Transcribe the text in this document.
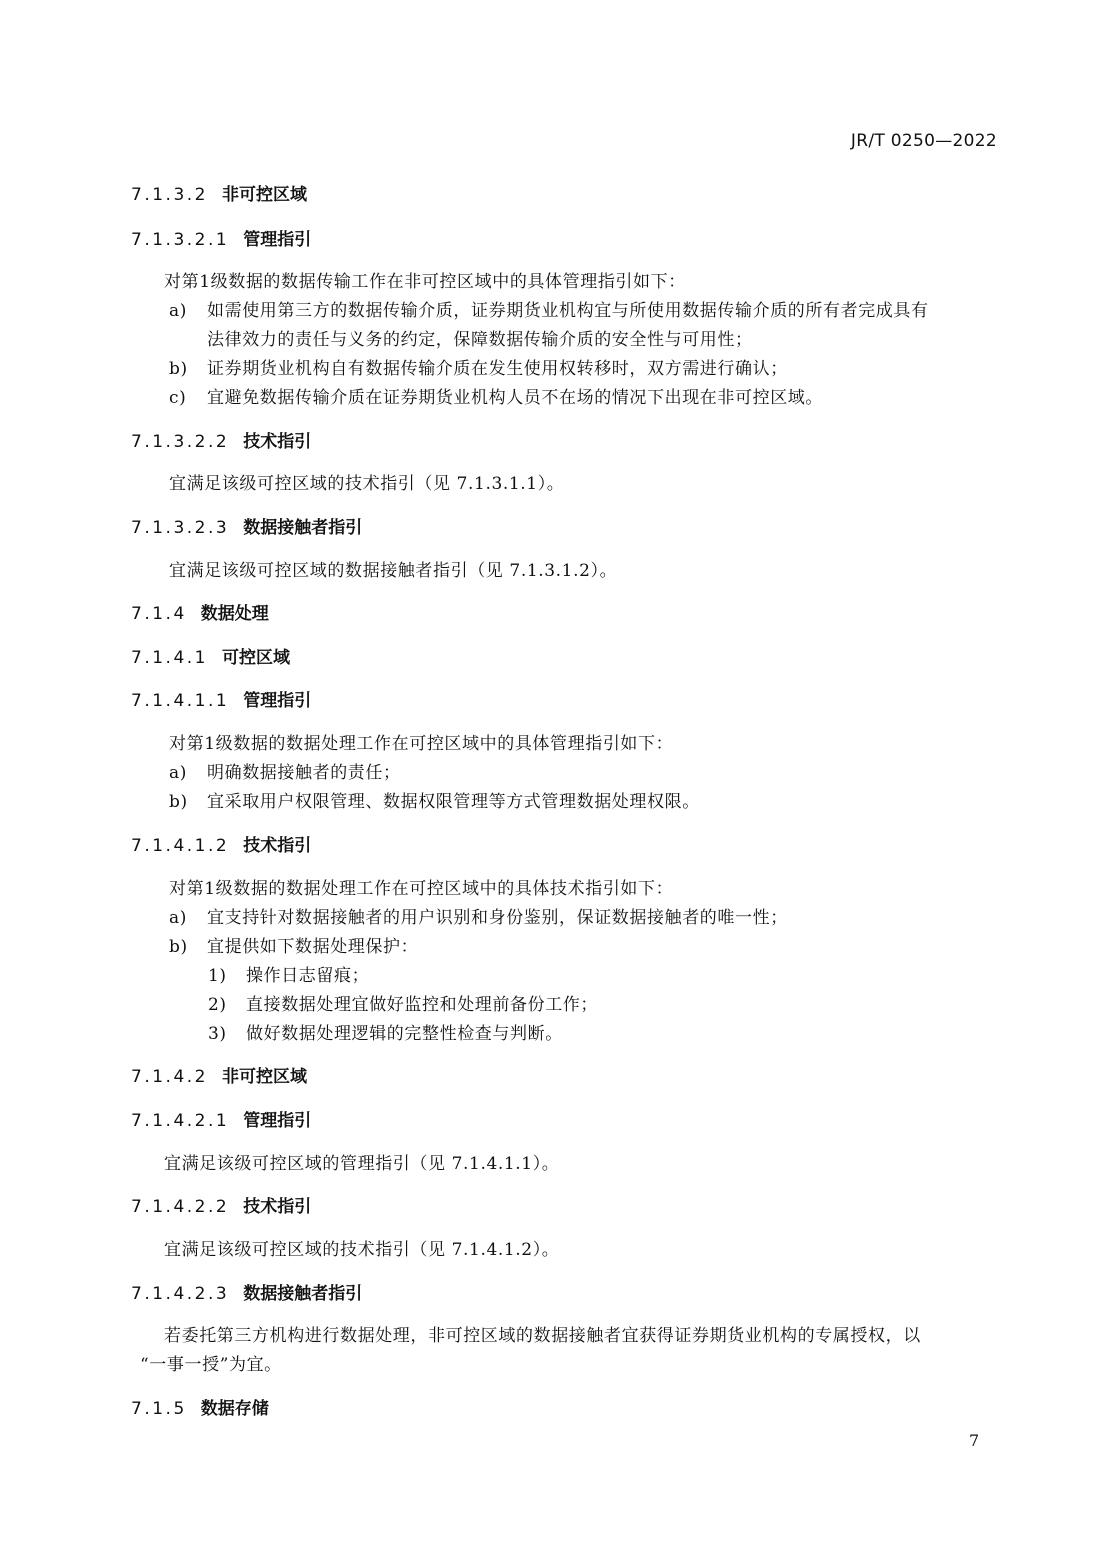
JR/T 0250—2022
7.1.3.2 非可控区域
7.1.3.2.1 管理指引
对第1级数据的数据传输工作在非可控区域中的具体管理指引如下：
a) 如需使用第三方的数据传输介质，证券期货业机构宜与所使用数据传输介质的所有者完成具有
法律效力的责任与义务的约定，保障数据传输介质的安全性与可用性；
b) 证券期货业机构自有数据传输介质在发生使用权转移时，双方需进行确认；
c) 宜避免数据传输介质在证券期货业机构人员不在场的情况下出现在非可控区域。
7.1.3.2.2 技术指引
宜满足该级可控区域的技术指引（见 7.1.3.1.1）。
7.1.3.2.3 数据接触者指引
宜满足该级可控区域的数据接触者指引（见 7.1.3.1.2）。
7.1.4 数据处理
7.1.4.1 可控区域
7.1.4.1.1 管理指引
对第1级数据的数据处理工作在可控区域中的具体管理指引如下：
a) 明确数据接触者的责任；
b) 宜采取用户权限管理、数据权限管理等方式管理数据处理权限。
7.1.4.1.2 技术指引
对第1级数据的数据处理工作在可控区域中的具体技术指引如下：
a) 宜支持针对数据接触者的用户识别和身份鉴别，保证数据接触者的唯一性；
b) 宜提供如下数据处理保护：
1) 操作日志留痕；
2) 直接数据处理宜做好监控和处理前备份工作；
3) 做好数据处理逻辑的完整性检查与判断。
7.1.4.2 非可控区域
7.1.4.2.1 管理指引
宜满足该级可控区域的管理指引（见 7.1.4.1.1）。
7.1.4.2.2 技术指引
宜满足该级可控区域的技术指引（见 7.1.4.1.2）。
7.1.4.2.3 数据接触者指引
若委托第三方机构进行数据处理，非可控区域的数据接触者宜获得证券期货业机构的专属授权，以
“一事一授”为宜。
7.1.5 数据存储
7
